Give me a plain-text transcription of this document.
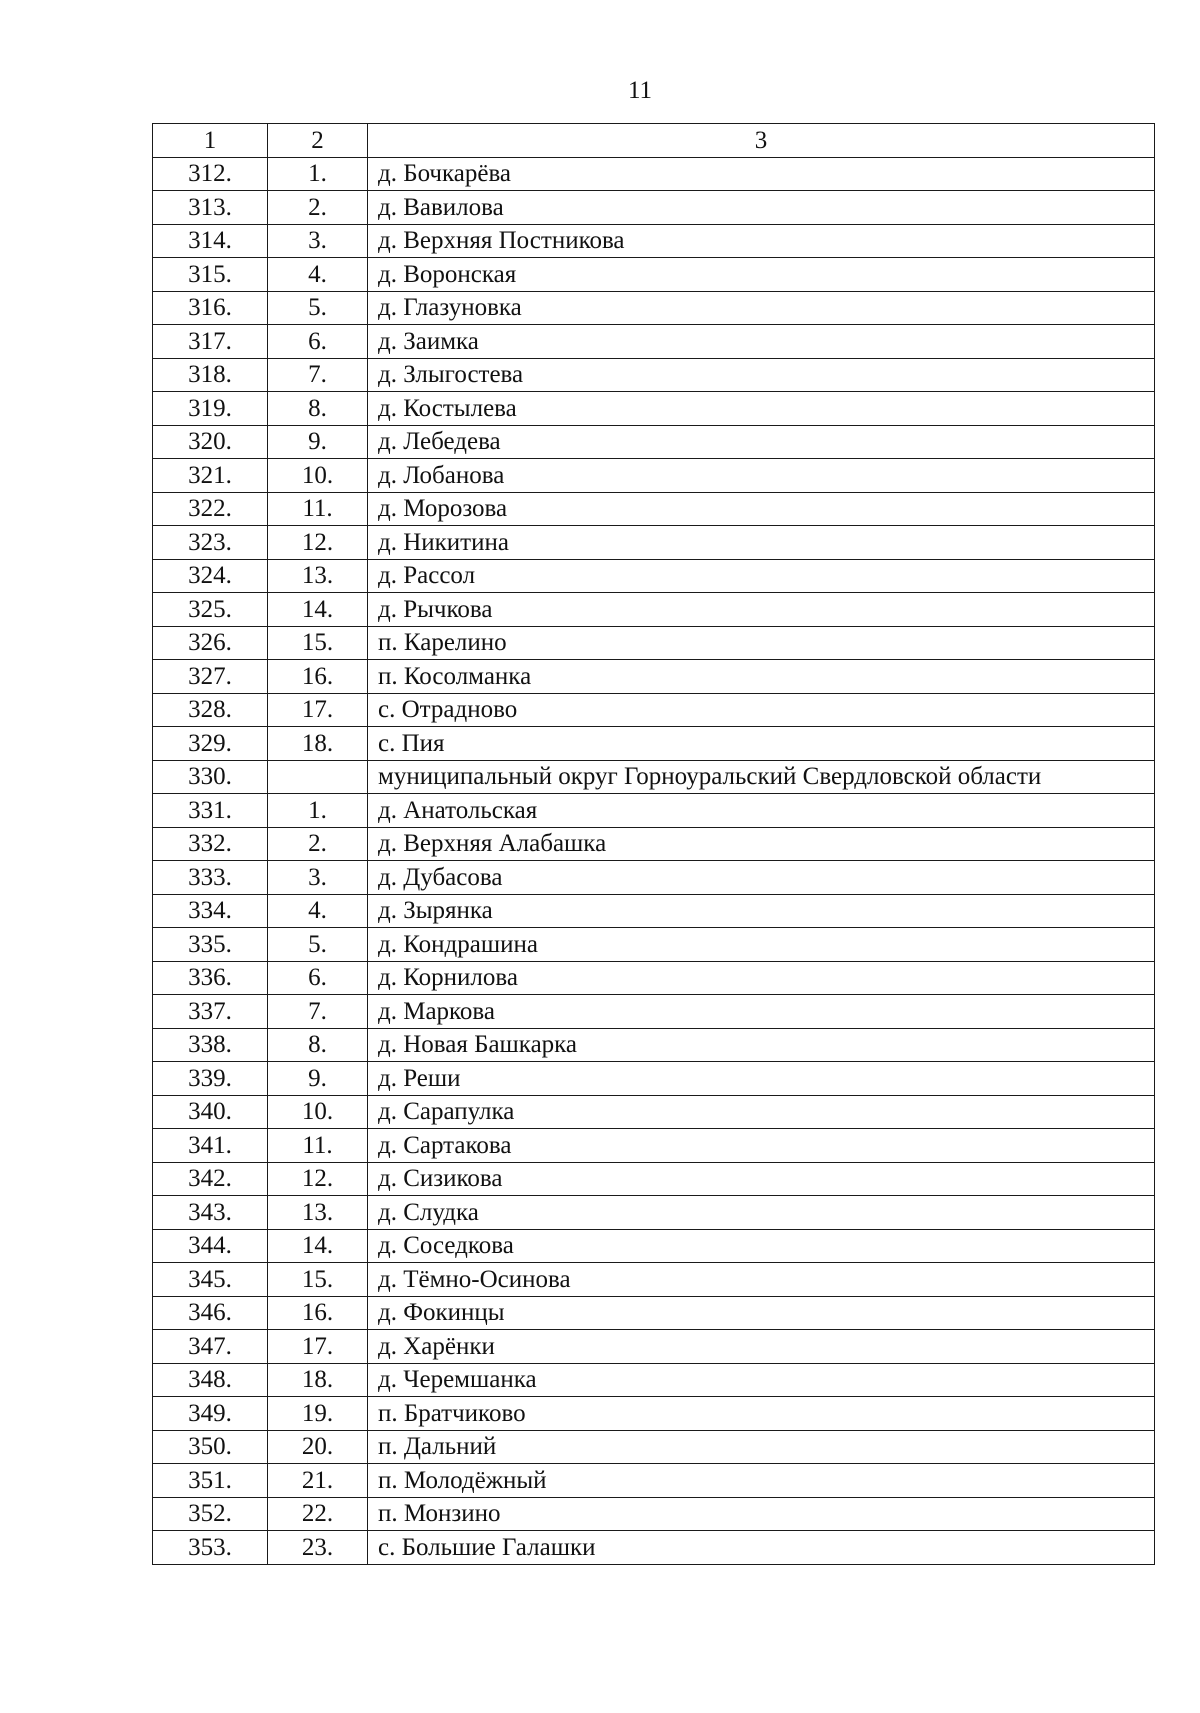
11
1	2	3
312.	1.	д. Бочкарёва
313.	2.	д. Вавилова
314.	3.	д. Верхняя Постникова
315.	4.	д. Воронская
316.	5.	д. Глазуновка
317.	6.	д. Заимка
318.	7.	д. Злыгостева
319.	8.	д. Костылева
320.	9.	д. Лебедева
321.	10.	д. Лобанова
322.	11.	д. Морозова
323.	12.	д. Никитина
324.	13.	д. Рассол
325.	14.	д. Рычкова
326.	15.	п. Карелино
327.	16.	п. Косолманка
328.	17.	с. Отрадново
329.	18.	с. Пия
330.		муниципальный округ Горноуральский Свердловской области
331.	1.	д. Анатольская
332.	2.	д. Верхняя Алабашка
333.	3.	д. Дубасова
334.	4.	д. Зырянка
335.	5.	д. Кондрашина
336.	6.	д. Корнилова
337.	7.	д. Маркова
338.	8.	д. Новая Башкарка
339.	9.	д. Реши
340.	10.	д. Сарапулка
341.	11.	д. Сартакова
342.	12.	д. Сизикова
343.	13.	д. Слудка
344.	14.	д. Соседкова
345.	15.	д. Тёмно-Осинова
346.	16.	д. Фокинцы
347.	17.	д. Харёнки
348.	18.	д. Черемшанка
349.	19.	п. Братчиково
350.	20.	п. Дальний
351.	21.	п. Молодёжный
352.	22.	п. Монзино
353.	23.	с. Большие Галашки
